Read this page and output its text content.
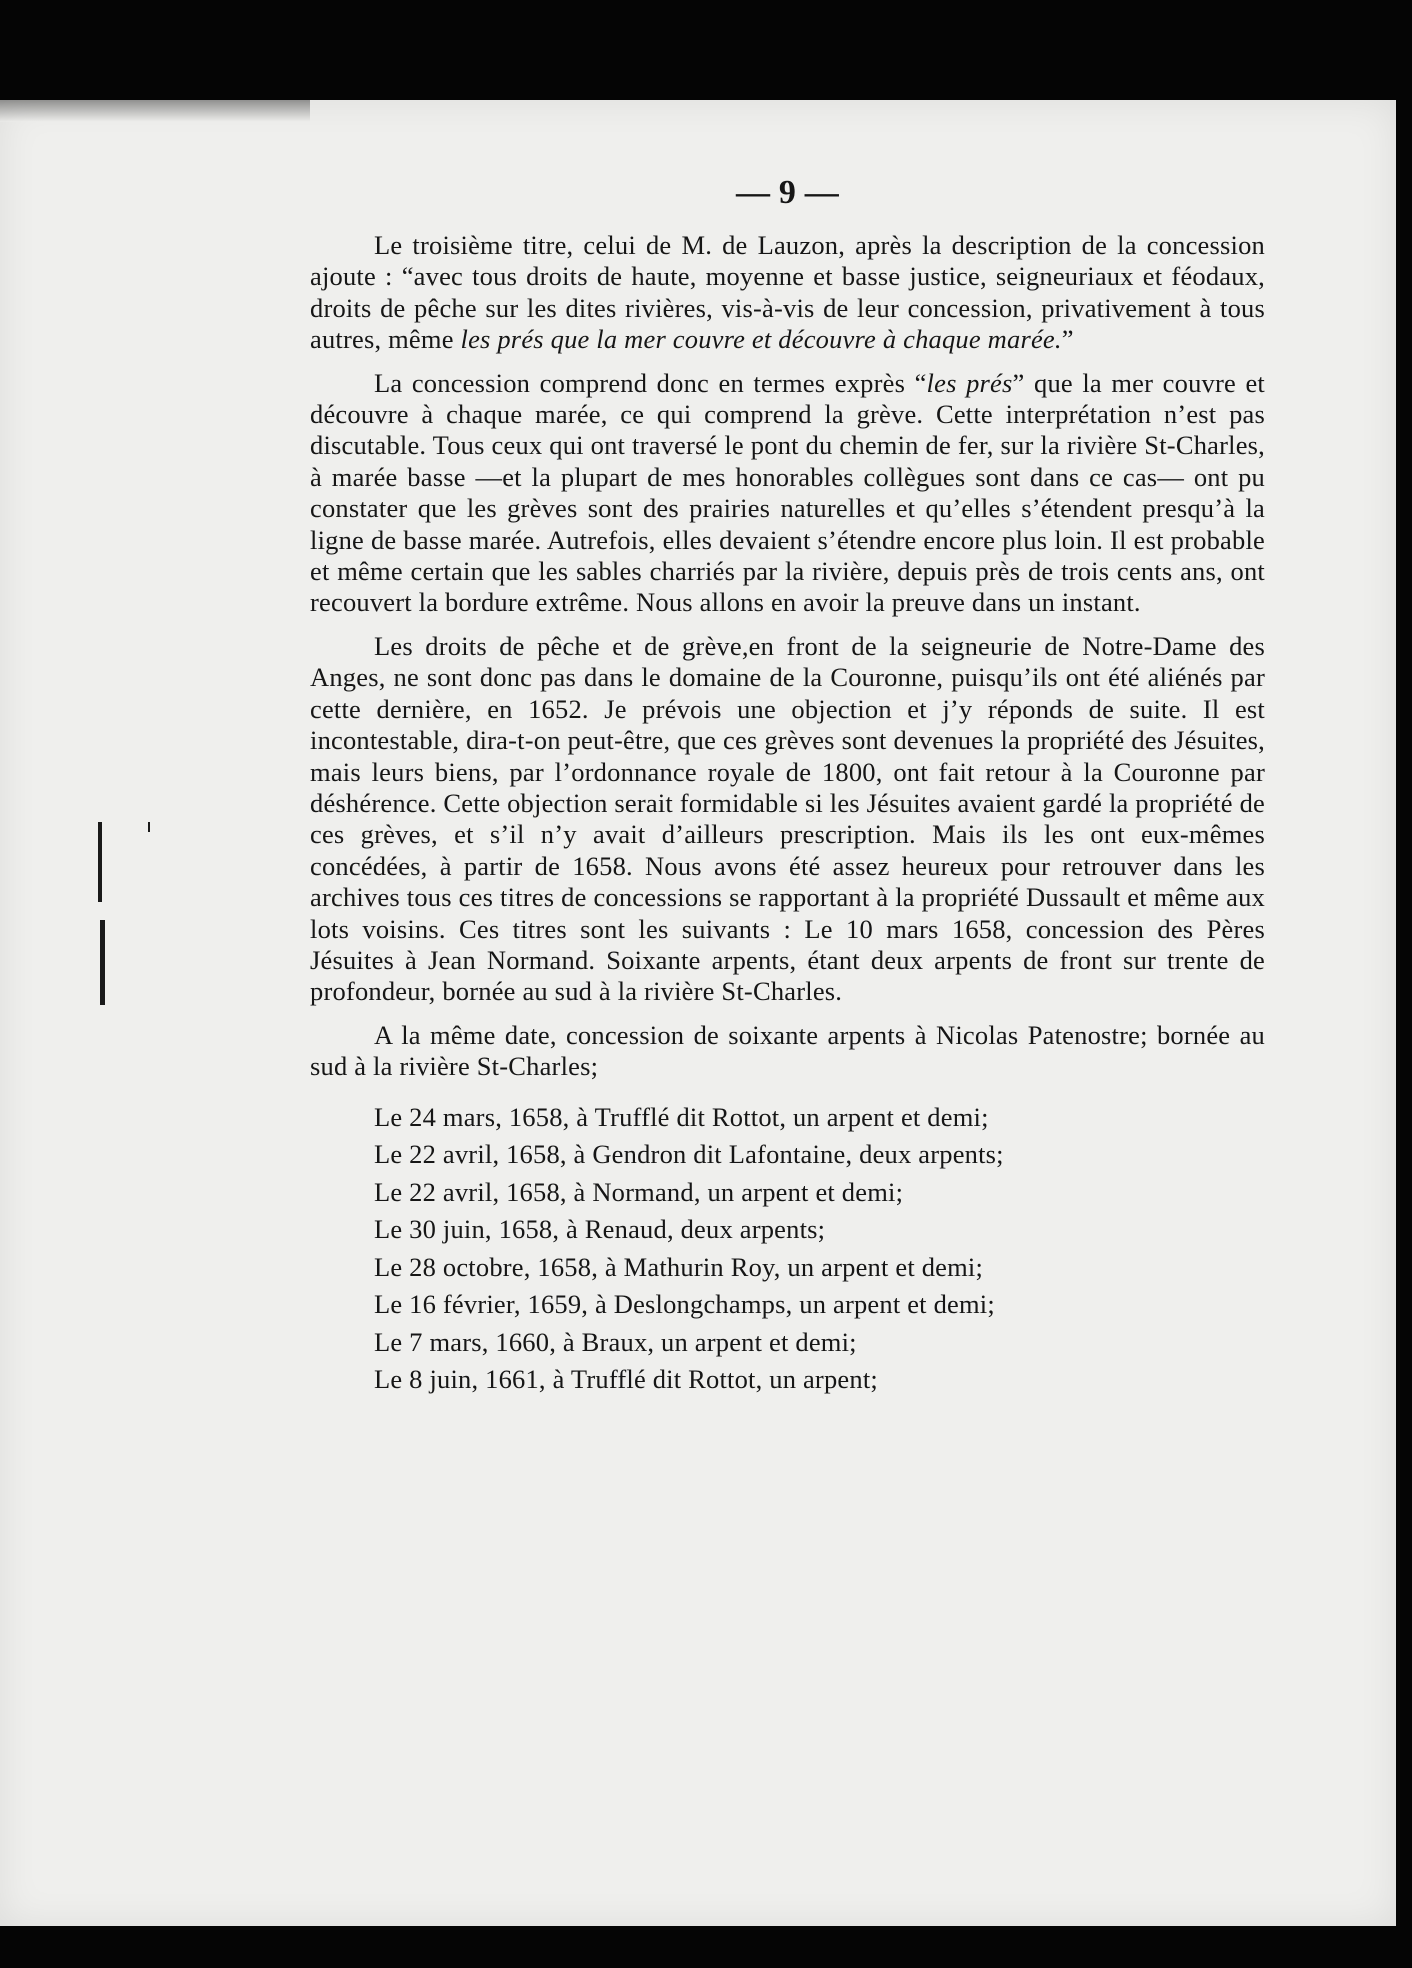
— 9 —

Le troisième titre, celui de M. de Lauzon, après la description de la concession ajoute : “avec tous droits de haute, moyenne et basse justice, seigneuriaux et féodaux, droits de pêche sur les dites rivières, vis-à-vis de leur concession, privativement à tous autres, même les prés que la mer couvre et découvre à chaque marée.”

La concession comprend donc en termes exprès “les prés” que la mer couvre et découvre à chaque marée, ce qui comprend la grève. Cette interprétation n’est pas discutable. Tous ceux qui ont traversé le pont du chemin de fer, sur la rivière St-Charles, à marée basse —et la plupart de mes honorables collègues sont dans ce cas— ont pu constater que les grèves sont des prairies naturelles et qu’elles s’étendent presqu’à la ligne de basse marée. Autrefois, elles devaient s’étendre encore plus loin. Il est probable et même certain que les sables charriés par la rivière, depuis près de trois cents ans, ont recouvert la bordure extrême. Nous allons en avoir la preuve dans un instant.

Les droits de pêche et de grève,en front de la seigneurie de Notre-Dame des Anges, ne sont donc pas dans le domaine de la Couronne, puisqu’ils ont été aliénés par cette dernière, en 1652. Je prévois une objection et j’y réponds de suite. Il est incontestable, dira-t-on peut-être, que ces grèves sont devenues la propriété des Jésuites, mais leurs biens, par l’ordonnance royale de 1800, ont fait retour à la Couronne par déshérence. Cette objection serait formidable si les Jésuites avaient gardé la propriété de ces grèves, et s’il n’y avait d’ailleurs prescription. Mais ils les ont eux-mêmes concédées, à partir de 1658. Nous avons été assez heureux pour retrouver dans les archives tous ces titres de concessions se rapportant à la propriété Dussault et même aux lots voisins. Ces titres sont les suivants : Le 10 mars 1658, concession des Pères Jésuites à Jean Normand. Soixante arpents, étant deux arpents de front sur trente de profondeur, bornée au sud à la rivière St-Charles.

A la même date, concession de soixante arpents à Nicolas Patenostre; bornée au sud à la rivière St-Charles;

Le 24 mars, 1658, à Trufflé dit Rottot, un arpent et demi;
Le 22 avril, 1658, à Gendron dit Lafontaine, deux arpents;
Le 22 avril, 1658, à Normand, un arpent et demi;
Le 30 juin, 1658, à Renaud, deux arpents;
Le 28 octobre, 1658, à Mathurin Roy, un arpent et demi;
Le 16 février, 1659, à Deslongchamps, un arpent et demi;
Le 7 mars, 1660, à Braux, un arpent et demi;
Le 8 juin, 1661, à Trufflé dit Rottot, un arpent;
